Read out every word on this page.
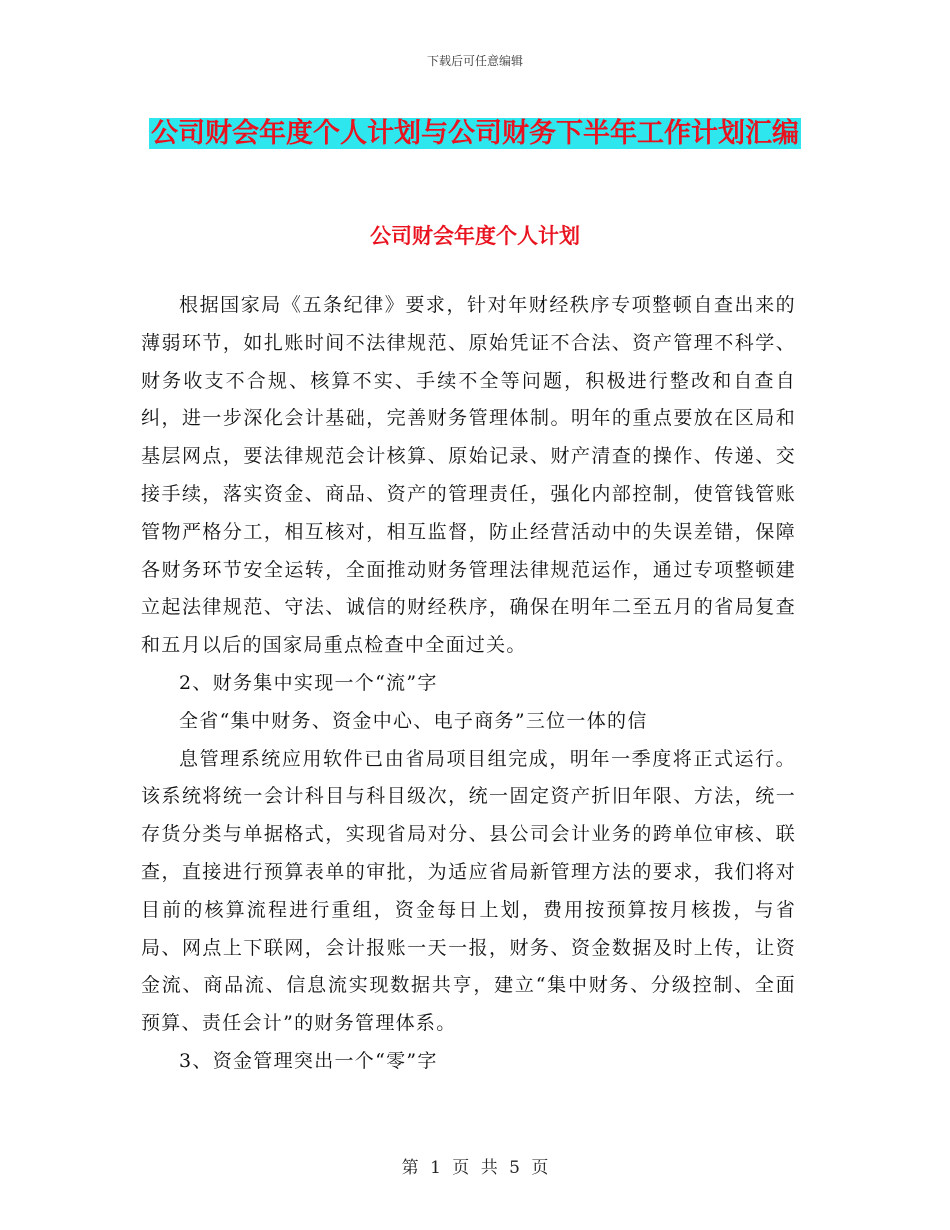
下载后可任意编辑
公司财会年度个人计划与公司财务下半年工作计划汇编
公司财会年度个人计划

根据国家局《五条纪律》要求，针对年财经秩序专项整顿自查出来的薄弱环节，如扎账时间不法律规范、原始凭证不合法、资产管理不科学、财务收支不合规、核算不实、手续不全等问题，积极进行整改和自查自纠，进一步深化会计基础，完善财务管理体制。明年的重点要放在区局和基层网点，要法律规范会计核算、原始记录、财产清查的操作、传递、交接手续，落实资金、商品、资产的管理责任，强化内部控制，使管钱管账管物严格分工，相互核对，相互监督，防止经营活动中的失误差错，保障各财务环节安全运转，全面推动财务管理法律规范运作，通过专项整顿建立起法律规范、守法、诚信的财经秩序，确保在明年二至五月的省局复查和五月以后的国家局重点检查中全面过关。

2、财务集中实现一个“流”字

全省“集中财务、资金中心、电子商务”三位一体的信

息管理系统应用软件已由省局项目组完成，明年一季度将正式运行。该系统将统一会计科目与科目级次，统一固定资产折旧年限、方法，统一存货分类与单据格式，实现省局对分、县公司会计业务的跨单位审核、联查，直接进行预算表单的审批，为适应省局新管理方法的要求，我们将对目前的核算流程进行重组，资金每日上划，费用按预算按月核拨，与省局、网点上下联网，会计报账一天一报，财务、资金数据及时上传，让资金流、商品流、信息流实现数据共亨，建立“集中财务、分级控制、全面预算、责任会计”的财务管理体系。

3、资金管理突出一个“零”字

第 1 页 共 5 页
